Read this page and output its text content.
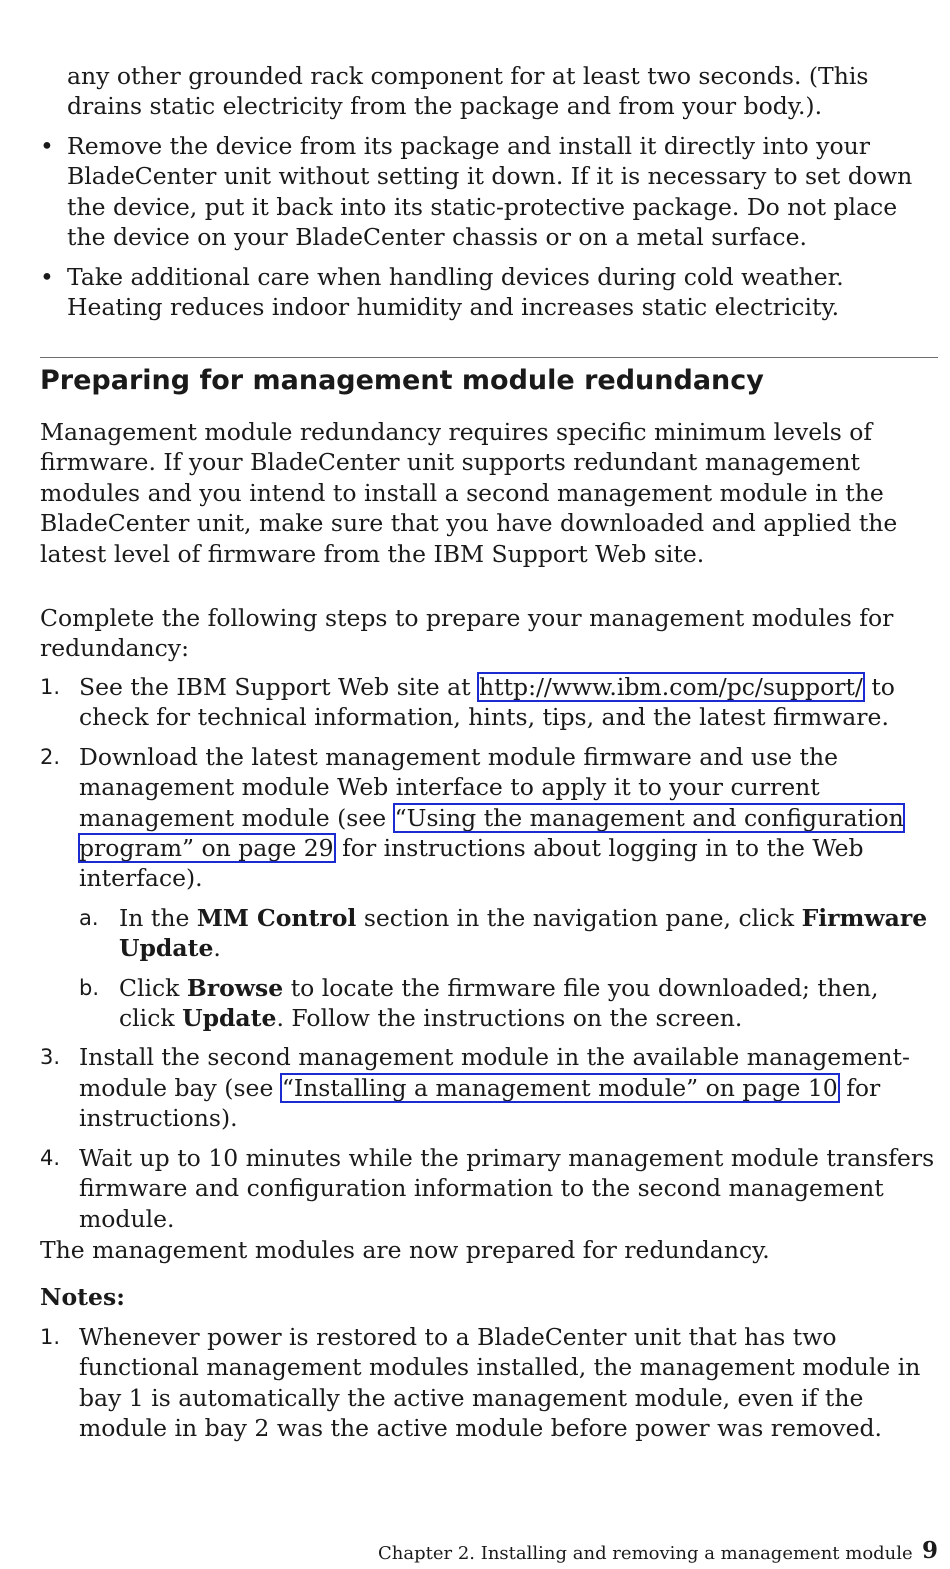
any other grounded rack component for at least two seconds. (This drains static electricity from the package and from your body.).

• Remove the device from its package and install it directly into your BladeCenter unit without setting it down. If it is necessary to set down the device, put it back into its static-protective package. Do not place the device on your BladeCenter chassis or on a metal surface.
• Take additional care when handling devices during cold weather. Heating reduces indoor humidity and increases static electricity.
Preparing for management module redundancy

Management module redundancy requires specific minimum levels of firmware. If your BladeCenter unit supports redundant management modules and you intend to install a second management module in the BladeCenter unit, make sure that you have downloaded and applied the latest level of firmware from the IBM Support Web site.

Complete the following steps to prepare your management modules for redundancy:

1. See the IBM Support Web site at http://www.ibm.com/pc/support/ to check for technical information, hints, tips, and the latest firmware.
2. Download the latest management module firmware and use the management module Web interface to apply it to your current management module (see “Using the management and configuration program” on page 29 for instructions about logging in to the Web interface).
a. In the MM Control section in the navigation pane, click Firmware Update.
b. Click Browse to locate the firmware file you downloaded; then, click Update. Follow the instructions on the screen.
3. Install the second management module in the available management-module bay (see “Installing a management module” on page 10 for instructions).
4. Wait up to 10 minutes while the primary management module transfers firmware and configuration information to the second management module.

The management modules are now prepared for redundancy.

Notes:

1. Whenever power is restored to a BladeCenter unit that has two functional management modules installed, the management module in bay 1 is automatically the active management module, even if the module in bay 2 was the active module before power was removed.
Chapter 2. Installing and removing a management module 9
